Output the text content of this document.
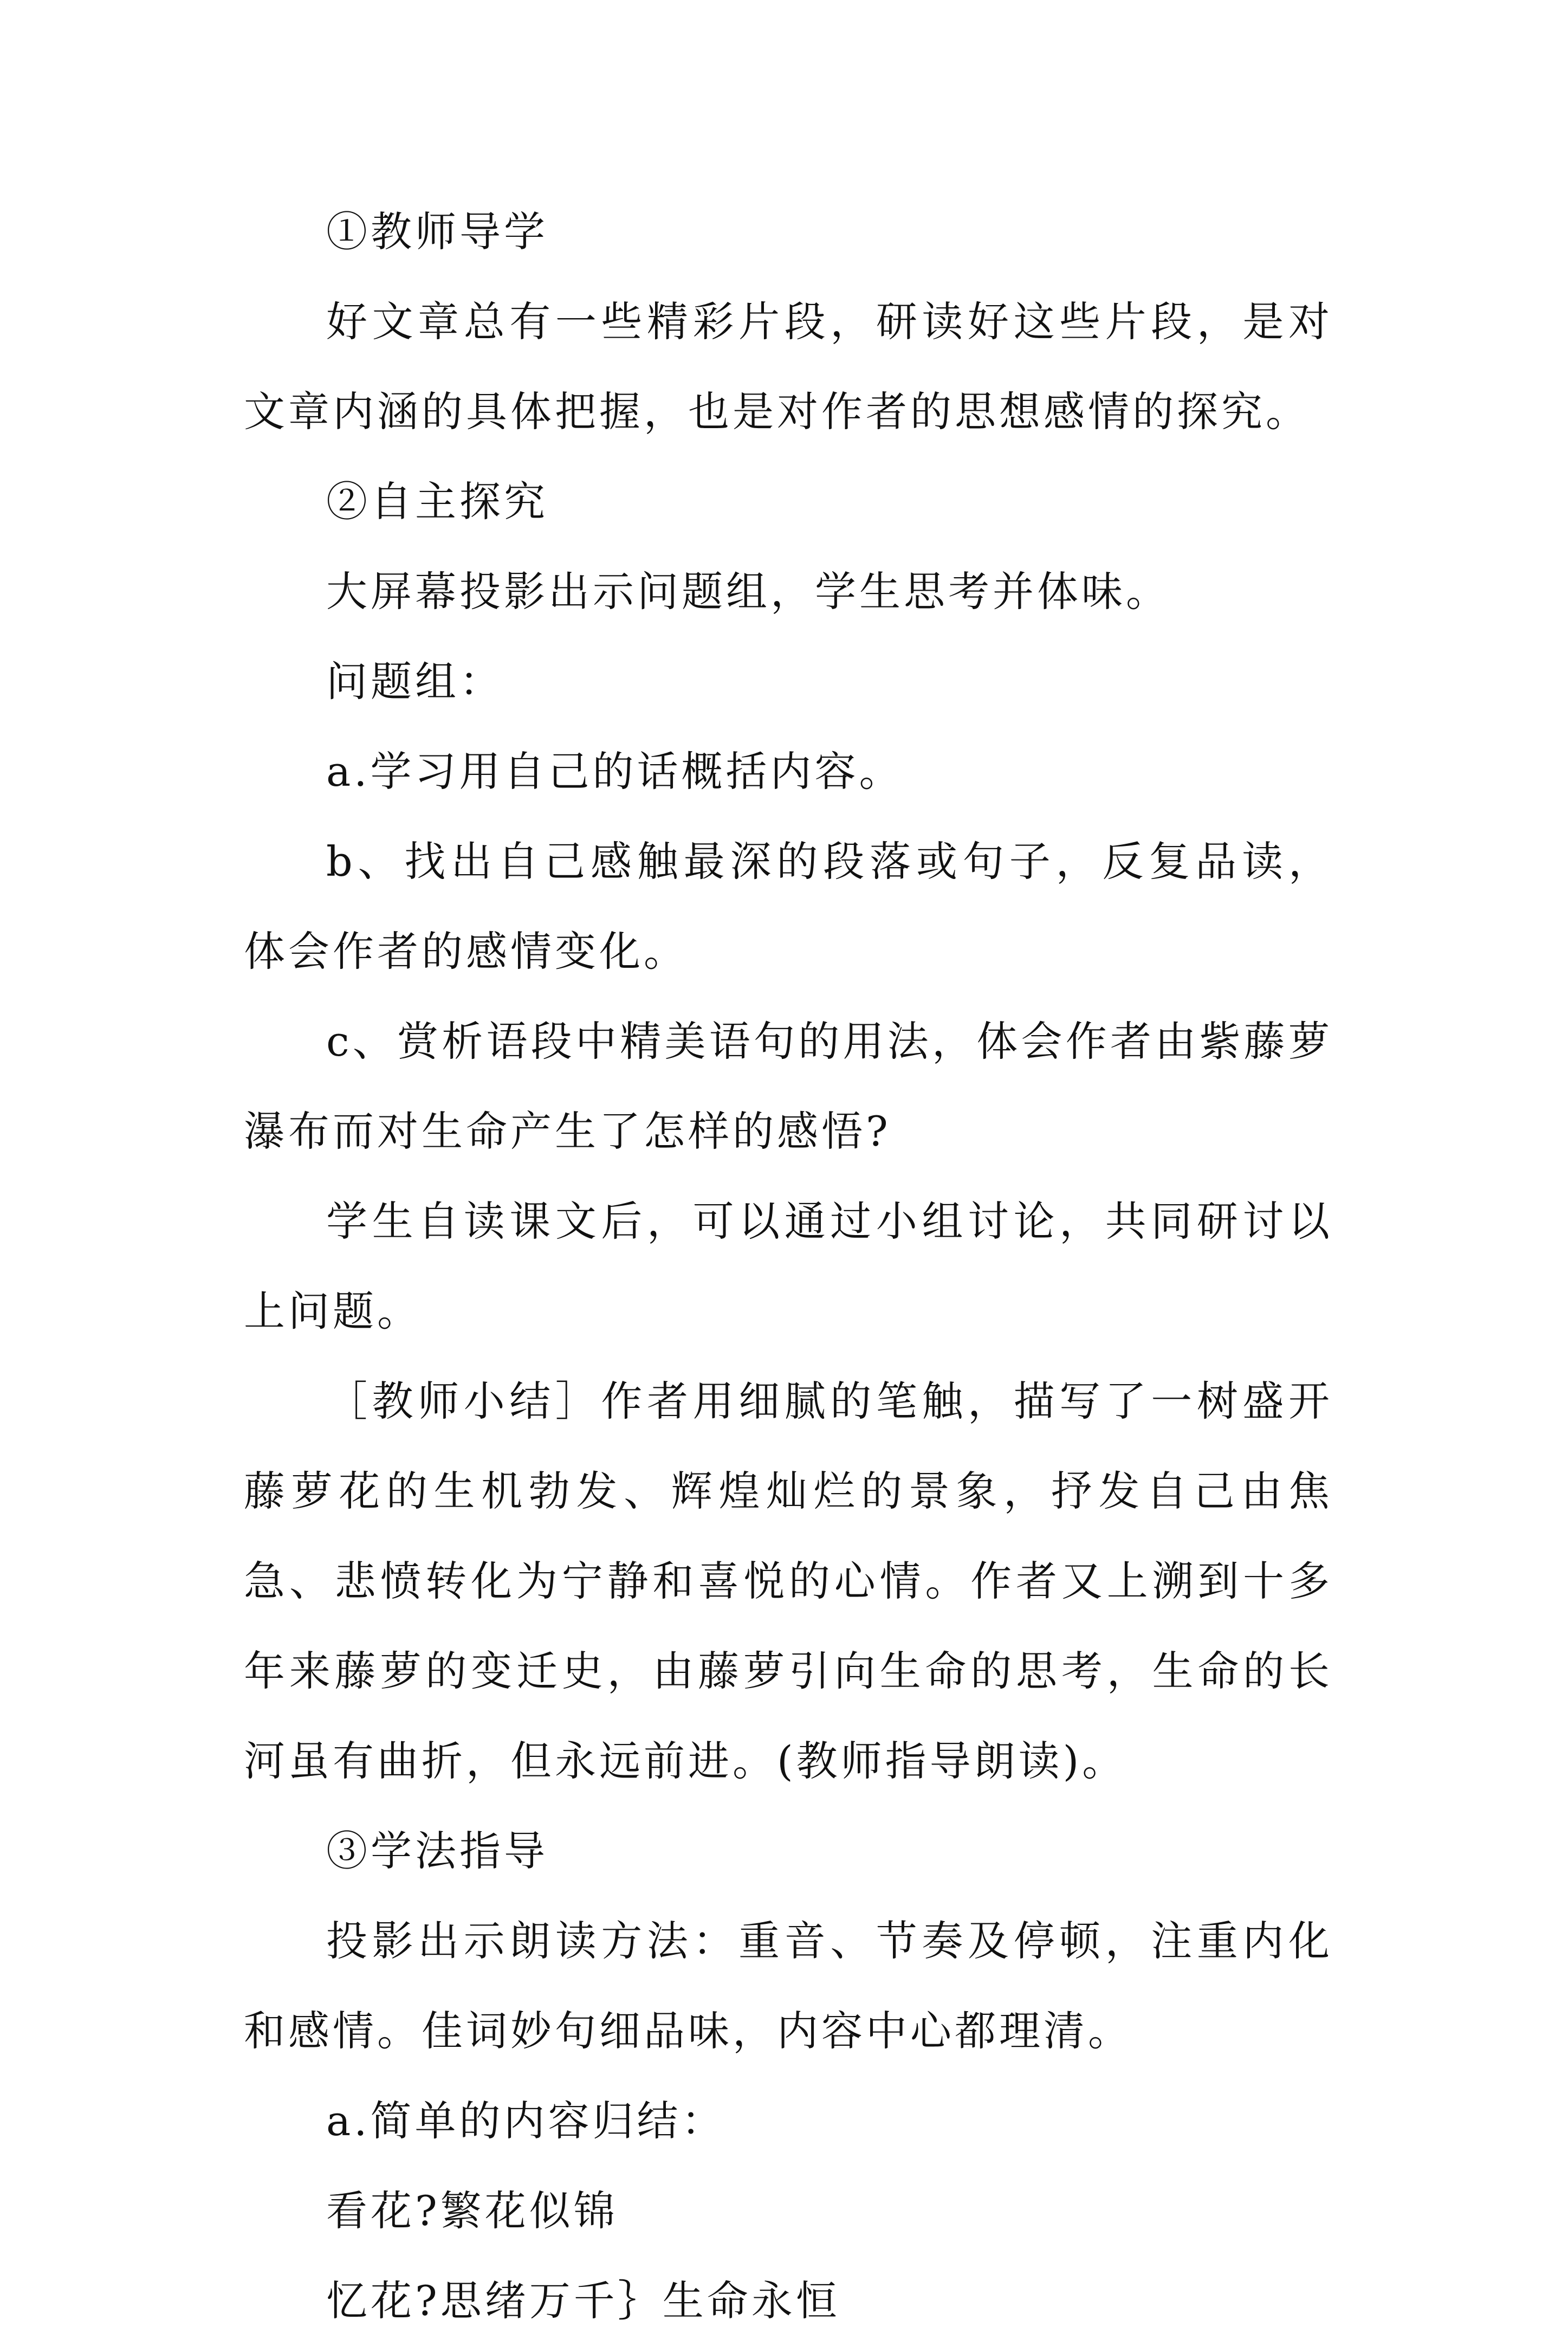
①教师导学

好文章总有一些精彩片段，研读好这些片段，是对文章内涵的具体把握，也是对作者的思想感情的探究。

②自主探究

大屏幕投影出示问题组，学生思考并体味。

问题组：

a.学习用自己的话概括内容。

b、找出自己感触最深的段落或句子，反复品读，体会作者的感情变化。

c、赏析语段中精美语句的用法，体会作者由紫藤萝瀑布而对生命产生了怎样的感悟?

学生自读课文后，可以通过小组讨论，共同研讨以上问题。

［教师小结］作者用细腻的笔触，描写了一树盛开藤萝花的生机勃发、辉煌灿烂的景象，抒发自己由焦急、悲愤转化为宁静和喜悦的心情。作者又上溯到十多年来藤萝的变迁史，由藤萝引向生命的思考，生命的长河虽有曲折，但永远前进。(教师指导朗读)。

③学法指导

投影出示朗读方法：重音、节奏及停顿，注重内化和感情。佳词妙句细品味，内容中心都理清。

a.简单的内容归结：

看花?繁花似锦

忆花?思绪万千｝生命永恒
